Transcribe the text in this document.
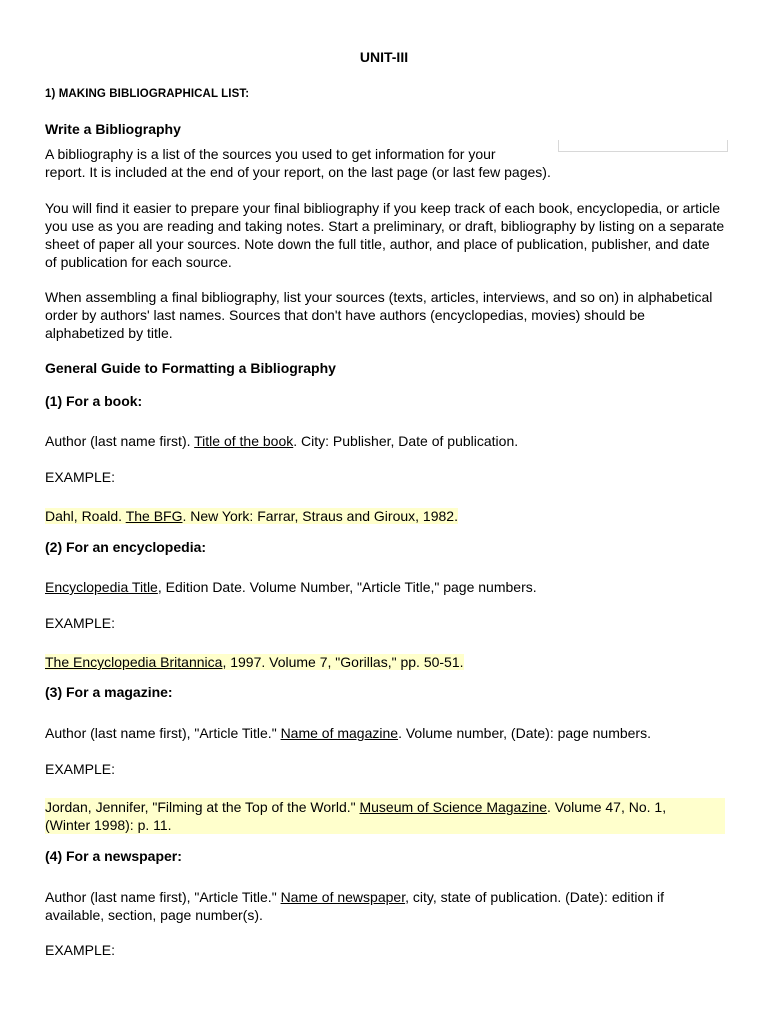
UNIT-III
1) MAKING BIBLIOGRAPHICAL LIST:
Write a Bibliography
A bibliography is a list of the sources you used to get information for your
report. It is included at the end of your report, on the last page (or last few pages).
You will find it easier to prepare your final bibliography if you keep track of each book, encyclopedia, or article you use as you are reading and taking notes. Start a preliminary, or draft, bibliography by listing on a separate sheet of paper all your sources. Note down the full title, author, and place of publication, publisher, and date of publication for each source.
When assembling a final bibliography, list your sources (texts, articles, interviews, and so on) in alphabetical order by authors' last names. Sources that don't have authors (encyclopedias, movies) should be alphabetized by title.
General Guide to Formatting a Bibliography
(1) For a book:
Author (last name first). Title of the book. City: Publisher, Date of publication.
EXAMPLE:
Dahl, Roald. The BFG. New York: Farrar, Straus and Giroux, 1982.
(2) For an encyclopedia:
Encyclopedia Title, Edition Date. Volume Number, "Article Title," page numbers.
EXAMPLE:
The Encyclopedia Britannica, 1997. Volume 7, "Gorillas," pp. 50-51.
(3) For a magazine:
Author (last name first), "Article Title." Name of magazine. Volume number, (Date): page numbers.
EXAMPLE:
Jordan, Jennifer, "Filming at the Top of the World." Museum of Science Magazine. Volume 47, No. 1,
(Winter 1998): p. 11.
(4) For a newspaper:
Author (last name first), "Article Title." Name of newspaper, city, state of publication. (Date): edition if
available, section, page number(s).
EXAMPLE:
